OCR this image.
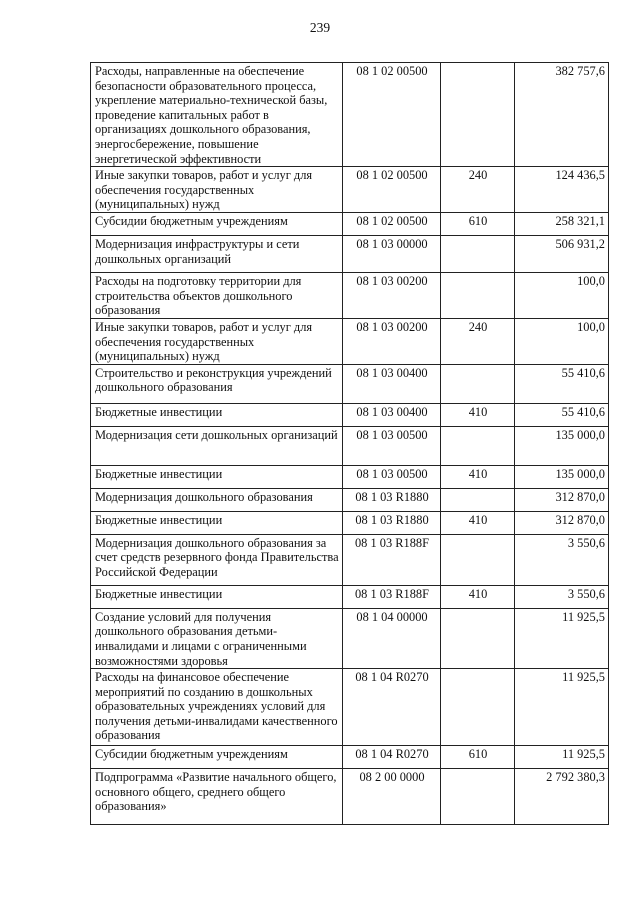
239
Расходы, направленные на обеспечение безопасности образовательного процесса, укрепление материально-технической базы, проведение капитальных работ в организациях дошкольного образования, энергосбережение, повышение энергетической эффективности	08 1 02 00500		382 757,6
Иные закупки товаров, работ и услуг для обеспечения государственных (муниципальных) нужд	08 1 02 00500	240	124 436,5
Субсидии бюджетным учреждениям	08 1 02 00500	610	258 321,1
Модернизация инфраструктуры и сети дошкольных организаций	08 1 03 00000		506 931,2
Расходы на подготовку территории для строительства объектов дошкольного образования	08 1 03 00200		100,0
Иные закупки товаров, работ и услуг для обеспечения государственных (муниципальных) нужд	08 1 03 00200	240	100,0
Строительство и реконструкция учреждений дошкольного образования	08 1 03 00400		55 410,6
Бюджетные инвестиции	08 1 03 00400	410	55 410,6
Модернизация сети дошкольных организаций	08 1 03 00500		135 000,0
Бюджетные инвестиции	08 1 03 00500	410	135 000,0
Модернизация дошкольного образования	08 1 03 R1880		312 870,0
Бюджетные инвестиции	08 1 03 R1880	410	312 870,0
Модернизация дошкольного образования за счет средств резервного фонда Правительства Российской Федерации	08 1 03 R188F		3 550,6
Бюджетные инвестиции	08 1 03 R188F	410	3 550,6
Создание условий для получения дошкольного образования детьми-инвалидами и лицами с ограниченными возможностями здоровья	08 1 04 00000		11 925,5
Расходы на финансовое обеспечение мероприятий по созданию в дошкольных образовательных учреждениях условий для получения детьми-инвалидами качественного образования	08 1 04 R0270		11 925,5
Субсидии бюджетным учреждениям	08 1 04 R0270	610	11 925,5
Подпрограмма «Развитие начального общего, основного общего, среднего общего образования»	08 2 00 0000		2 792 380,3
